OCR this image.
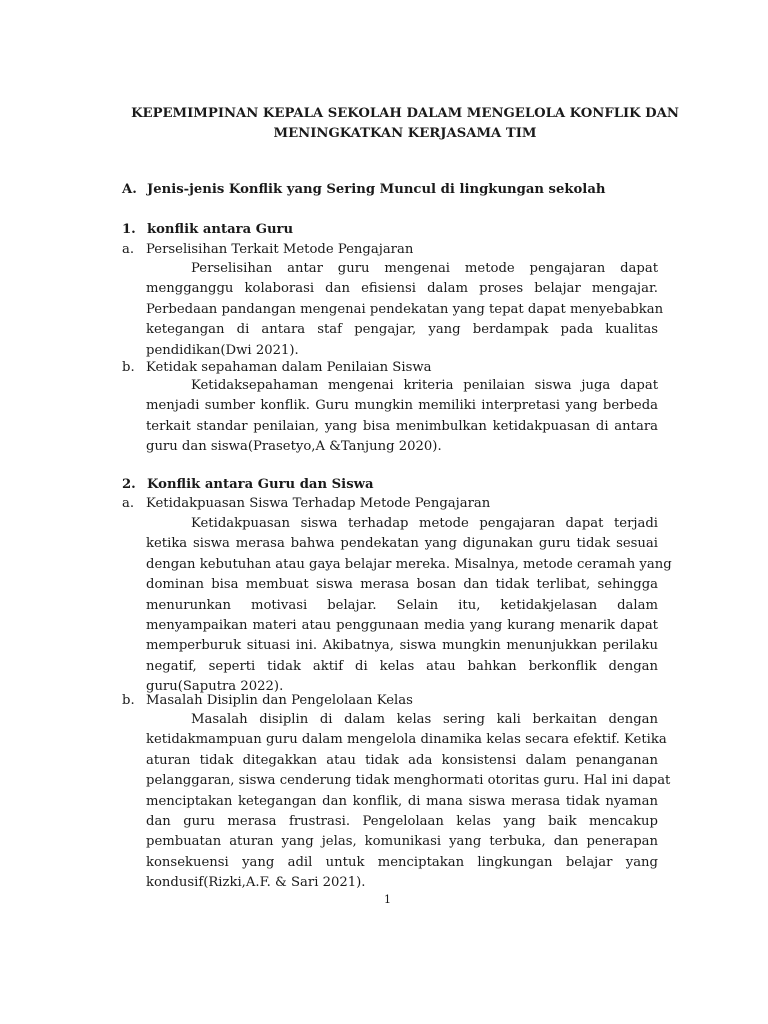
KEPEMIMPINAN KEPALA SEKOLAH DALAM MENGELOLA KONFLIK DAN
MENINGKATKAN KERJASAMA TIM
A. Jenis-jenis Konflik yang Sering Muncul di lingkungan sekolah
1. konflik antara Guru
a. Perselisihan Terkait Metode Pengajaran
Perselisihan antar guru mengenai metode pengajaran dapat
mengganggu kolaborasi dan efisiensi dalam proses belajar mengajar.
Perbedaan pandangan mengenai pendekatan yang tepat dapat menyebabkan
ketegangan di antara staf pengajar, yang berdampak pada kualitas
pendidikan(Dwi 2021).
b. Ketidak sepahaman dalam Penilaian Siswa
Ketidaksepahaman mengenai kriteria penilaian siswa juga dapat
menjadi sumber konflik. Guru mungkin memiliki interpretasi yang berbeda
terkait standar penilaian, yang bisa menimbulkan ketidakpuasan di antara
guru dan siswa(Prasetyo,A &Tanjung 2020).
2. Konflik antara Guru dan Siswa
a. Ketidakpuasan Siswa Terhadap Metode Pengajaran
Ketidakpuasan siswa terhadap metode pengajaran dapat terjadi
ketika siswa merasa bahwa pendekatan yang digunakan guru tidak sesuai
dengan kebutuhan atau gaya belajar mereka. Misalnya, metode ceramah yang
dominan bisa membuat siswa merasa bosan dan tidak terlibat, sehingga
menurunkan motivasi belajar. Selain itu, ketidakjelasan dalam
menyampaikan materi atau penggunaan media yang kurang menarik dapat
memperburuk situasi ini. Akibatnya, siswa mungkin menunjukkan perilaku
negatif, seperti tidak aktif di kelas atau bahkan berkonflik dengan
guru(Saputra 2022).
b. Masalah Disiplin dan Pengelolaan Kelas
Masalah disiplin di dalam kelas sering kali berkaitan dengan
ketidakmampuan guru dalam mengelola dinamika kelas secara efektif. Ketika
aturan tidak ditegakkan atau tidak ada konsistensi dalam penanganan
pelanggaran, siswa cenderung tidak menghormati otoritas guru. Hal ini dapat
menciptakan ketegangan dan konflik, di mana siswa merasa tidak nyaman
dan guru merasa frustrasi. Pengelolaan kelas yang baik mencakup
pembuatan aturan yang jelas, komunikasi yang terbuka, dan penerapan
konsekuensi yang adil untuk menciptakan lingkungan belajar yang
kondusif(Rizki,A.F. & Sari 2021).
1
